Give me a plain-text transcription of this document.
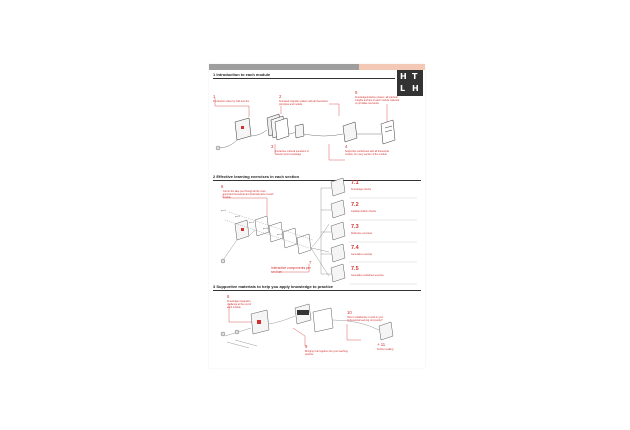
H T
L H
1 Introduction to each module
2 Effective learning exercises in each section
3 Supportive materials to help you apply knowledge to practice
1
Introduction video by Carl and Jim
2
Animated migration pattern with all theoretical principles and models
3
Interactive retrieval questions of relevant prior knowledge
4
Supportive worksheets with all theoretical models, for every section of the module
5
Knowledge/practice posters: all practical insights and tips of each module collected on printable overviews
6
Carl & Jim take you through all the most important theoretical and practical parts of each module
part 1
part 2
part 3
part 4
part 5
7
Interactive components per section
7.1
Knowledge checks
7.2
Judicial intuition checks
7.3
Reflective exercises
7.4
Generative exercise
7.5
Generative worksheet exercise
8
Knowledge integration challenge at the end of each module
9
Bringing it all together into your teaching practice
10
How to collaborate or work in your professional learning community?
+ 11
Further reading
